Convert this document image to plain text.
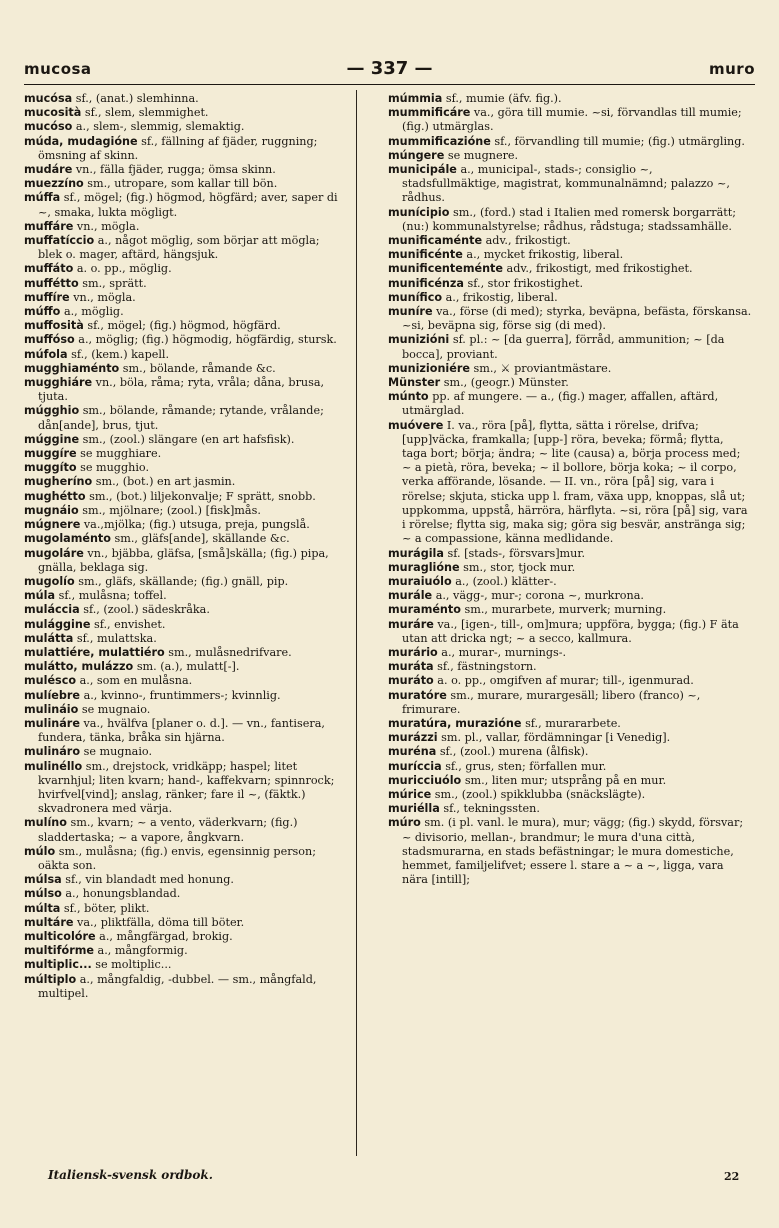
mucosa	— 337 —	muro

mucósa sf., (anat.) slemhinna.

mucosità sf., slem, slemmighet.

mucóso a., slem-, slemmig, slemaktig.

múda, mudagióne sf., fällning af fjäder, ruggning; ömsning af skinn.

mudáre vn., fälla fjäder, rugga; ömsa skinn.

muezzíno sm., utropare, som kallar till bön.

múffa sf., mögel; (fig.) högmod, högfärd; aver, saper di ~, smaka, lukta mögligt.

muffáre vn., mögla.

muffatíccio a., något möglig, som börjar att mögla; blek o. mager, aftärd, hängsjuk.

muffáto a. o. pp., möglig.

muffétto sm., sprätt.

muffíre vn., mögla.

múffo a., möglig.

muffosità sf., mögel; (fig.) högmod, högfärd.

muffóso a., möglig; (fig.) högmodig, högfärdig, stursk.

múfola sf., (kem.) kapell.

mugghiaménto sm., bölande, råmande &c.

mugghiáre vn., böla, råma; ryta, vråla; dåna, brusa, tjuta.

múgghio sm., bölande, råmande; rytande, vrålande; dån[ande], brus, tjut.

múggine sm., (zool.) slängare (en art hafsfisk).

muggíre se mugghiare.

muggíto se mugghio.

mugheríno sm., (bot.) en art jasmin.

mughétto sm., (bot.) liljekonvalje; F sprätt, snobb.

mugnáio sm., mjölnare; (zool.) [fisk]mås.

múgnere va.,mjölka; (fig.) utsuga, preja, pungslå.

mugolaménto sm., gläfs[ande], skällande &c.

mugoláre vn., bjäbba, gläfsa, [små]skälla; (fig.) pipa, gnälla, beklaga sig.

mugolío sm., gläfs, skällande; (fig.) gnäll, pip.

múla sf., mulåsna; toffel.

muláccia sf., (zool.) sädeskråka.

mulággine sf., envishet.

mulátta sf., mulattska.

mulattiére, mulattiéro sm., mulåsnedrifvare.

mulátto, mulázzo sm. (a.), mulatt[-].

mulésco a., som en mulåsna.

mulíebre a., kvinno-, fruntimmers-; kvinnlig.

mulináio se mugnaio.

mulináre va., hvälfva [planer o. d.]. — vn., fantisera, fundera, tänka, bråka sin hjärna.

mulináro se mugnaio.

mulinéllo sm., drejstock, vridkäpp; haspel; litet kvarnhjul; liten kvarn; hand-, kaffekvarn; spinnrock; hvirfvel[vind]; anslag, ränker; fare il ~, (fäktk.) skvadronera med värja.

mulíno sm., kvarn; ~ a vento, väderkvarn; (fig.) sladdertaska; ~ a vapore, ångkvarn.

múlo sm., mulåsna; (fig.) envis, egensinnig person; oäkta son.

múlsa sf., vin blandadt med honung.

múlso a., honungsblandad.

múlta sf., böter, plikt.

multáre va., pliktfälla, döma till böter.

multicolóre a., mångfärgad, brokig.

multifórme a., mångformig.

multiplic... se moltiplic...

múltiplo a., mångfaldig, -dubbel. — sm., mångfald, multipel.

múmmia sf., mumie (äfv. fig.).

mummificáre va., göra till mumie. ~si, förvandlas till mumie; (fig.) utmärglas.

mummificazióne sf., förvandling till mumie; (fig.) utmärgling.

múngere se mugnere.

municipále a., municipal-, stads-; consiglio ~, stadsfullmäktige, magistrat, kommunalnämnd; palazzo ~, rådhus.

munícipio sm., (ford.) stad i Italien med romersk borgarrätt; (nu:) kommunalstyrelse; rådhus, rådstuga; stadssamhälle.

munificaménte adv., frikostigt.

munificénte a., mycket frikostig, liberal.

munificenteménte adv., frikostigt, med frikostighet.

munificénza sf., stor frikostighet.

munífico a., frikostig, liberal.

muníre va., förse (di med); styrka, beväpna, befästa, förskansa. ~si, beväpna sig, förse sig (di med).

munizióni sf. pl.: ~ [da guerra], förråd, ammunition; ~ [da bocca], proviant.

munizioniére sm., ⚔ proviantmästare.

Münster sm., (geogr.) Münster.

múnto pp. af mungere. — a., (fig.) mager, affallen, aftärd, utmärglad.

muóvere I. va., röra [på], flytta, sätta i rörelse, drifva; [upp]väcka, framkalla; [upp-] röra, beveka; förmå; flytta, taga bort; börja; ändra; ~ lite (causa) a, börja process med; ~ a pietà, röra, beveka; ~ il bollore, börja koka; ~ il corpo, verka afförande, lösande. — II. vn., röra [på] sig, vara i rörelse; skjuta, sticka upp l. fram, växa upp, knoppas, slå ut; uppkomma, uppstå, härröra, härflyta. ~si, röra [på] sig, vara i rörelse; flytta sig, maka sig; göra sig besvär, anstränga sig; ~ a compassione, känna medlidande.

murágila sf. [stads-, försvars]mur.

muraglióne sm., stor, tjock mur.

muraiuólo a., (zool.) klätter-.

murále a., vägg-, mur-; corona ~, murkrona.

muraménto sm., murarbete, murverk; murning.

muráre va., [igen-, till-, om]mura; uppföra, bygga; (fig.) F äta utan att dricka ngt; ~ a secco, kallmura.

murário a., murar-, murnings-.

muráta sf., fästningstorn.

muráto a. o. pp., omgifven af murar; till-, igenmurad.

muratóre sm., murare, murargesäll; libero (franco) ~, frimurare.

muratúra, murazióne sf., murararbete.

murázzi sm. pl., vallar, fördämningar [i Venedig].

muréna sf., (zool.) murena (ålfisk).

muríccia sf., grus, sten; förfallen mur.

muricciuólo sm., liten mur; utsprång på en mur.

múrice sm., (zool.) spikklubba (snäckslägte).

muriélla sf., tekningssten.

múro sm. (i pl. vanl. le mura), mur; vägg; (fig.) skydd, försvar; ~ divisorio, mellan-, brandmur; le mura d'una città, stadsmurarna, en stads befästningar; le mura domestiche, hemmet, familjelifvet; essere l. stare a ~ a ~, ligga, vara nära [intill];

Italiensk-svensk ordbok.	22
